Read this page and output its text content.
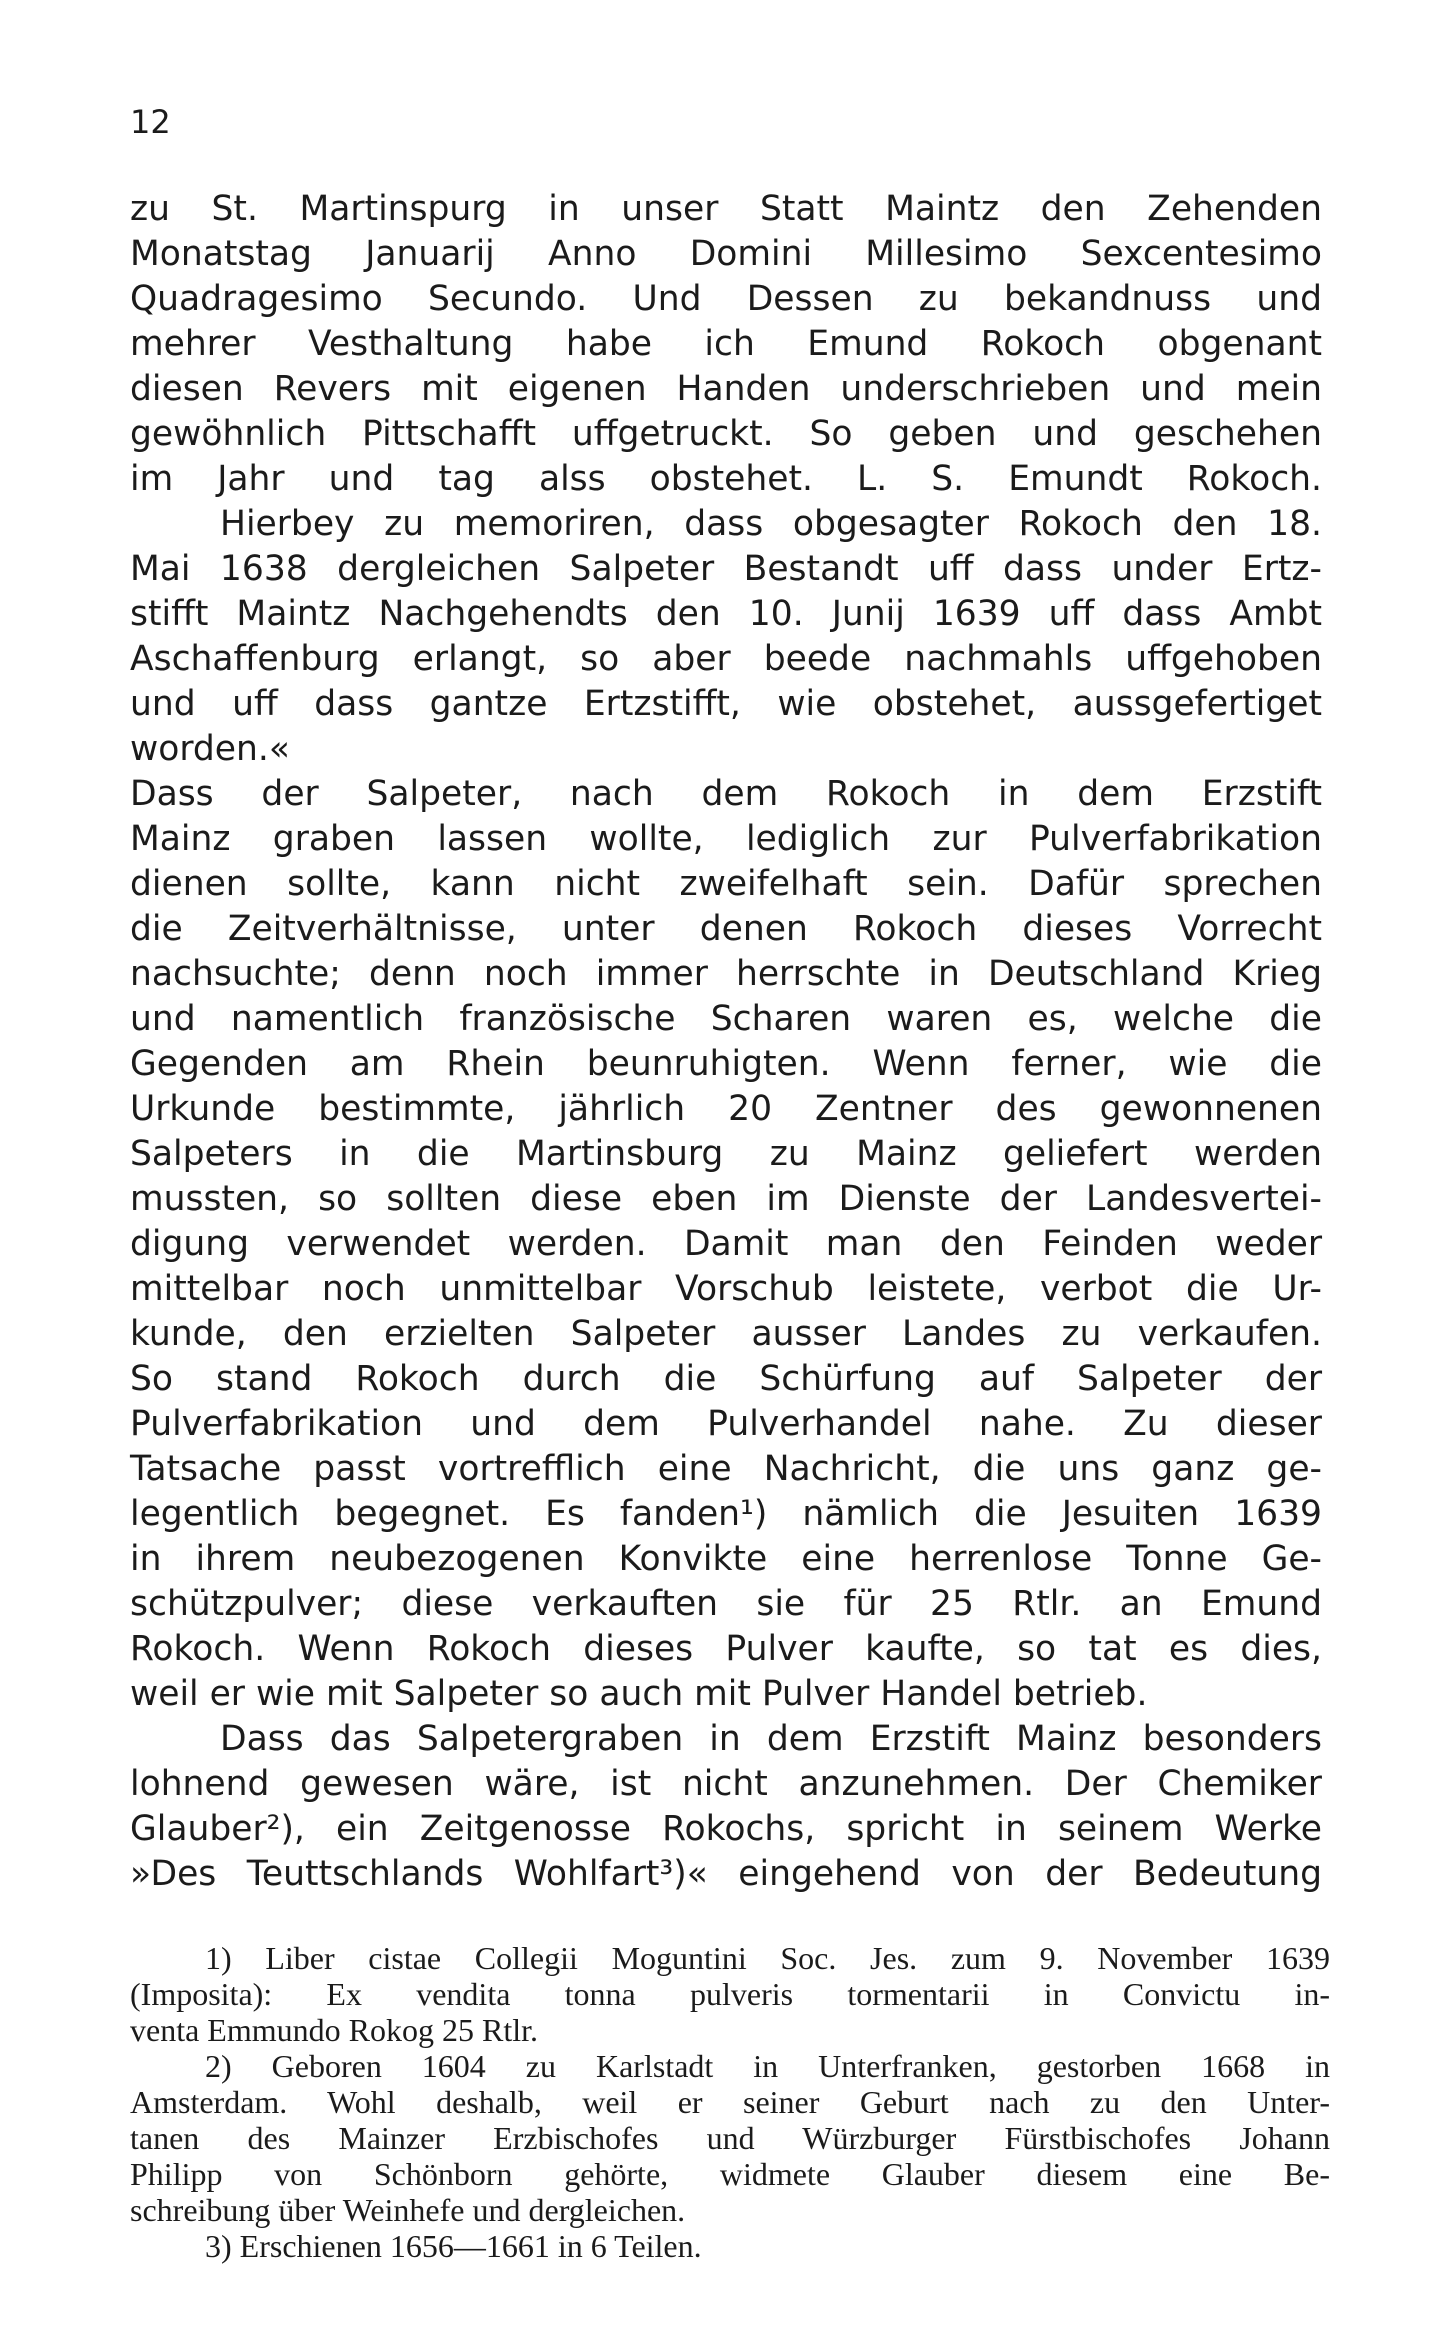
12
zu St. Martinspurg in unser Statt Maintz den Zehenden
Monatstag Januarij Anno Domini Millesimo Sexcentesimo
Quadragesimo Secundo. Und Dessen zu bekandnuss und
mehrer Vesthaltung habe ich Emund Rokoch obgenant
diesen Revers mit eigenen Handen underschrieben und mein
gewöhnlich Pittschafft uffgetruckt. So geben und geschehen
im Jahr und tag alss obstehet. L. S. Emundt Rokoch.
Hierbey zu memoriren, dass obgesagter Rokoch den 18.
Mai 1638 dergleichen Salpeter Bestandt uff dass under Ertz-
stifft Maintz Nachgehendts den 10. Junij 1639 uff dass Ambt
Aschaffenburg erlangt, so aber beede nachmahls uffgehoben
und uff dass gantze Ertzstifft, wie obstehet, aussgefertiget
worden.«
Dass der Salpeter, nach dem Rokoch in dem Erzstift
Mainz graben lassen wollte, lediglich zur Pulverfabrikation
dienen sollte, kann nicht zweifelhaft sein. Dafür sprechen
die Zeitverhältnisse, unter denen Rokoch dieses Vorrecht
nachsuchte; denn noch immer herrschte in Deutschland Krieg
und namentlich französische Scharen waren es, welche die
Gegenden am Rhein beunruhigten. Wenn ferner, wie die
Urkunde bestimmte, jährlich 20 Zentner des gewonnenen
Salpeters in die Martinsburg zu Mainz geliefert werden
mussten, so sollten diese eben im Dienste der Landesvertei-
digung verwendet werden. Damit man den Feinden weder
mittelbar noch unmittelbar Vorschub leistete, verbot die Ur-
kunde, den erzielten Salpeter ausser Landes zu verkaufen.
So stand Rokoch durch die Schürfung auf Salpeter der
Pulverfabrikation und dem Pulverhandel nahe. Zu dieser
Tatsache passt vortrefflich eine Nachricht, die uns ganz ge-
legentlich begegnet. Es fanden¹) nämlich die Jesuiten 1639
in ihrem neubezogenen Konvikte eine herrenlose Tonne Ge-
schützpulver; diese verkauften sie für 25 Rtlr. an Emund
Rokoch. Wenn Rokoch dieses Pulver kaufte, so tat es dies,
weil er wie mit Salpeter so auch mit Pulver Handel betrieb.
Dass das Salpetergraben in dem Erzstift Mainz besonders
lohnend gewesen wäre, ist nicht anzunehmen. Der Chemiker
Glauber²), ein Zeitgenosse Rokochs, spricht in seinem Werke
»Des Teuttschlands Wohlfart³)« eingehend von der Bedeutung
1) Liber cistae Collegii Moguntini Soc. Jes. zum 9. November 1639
(Imposita): Ex vendita tonna pulveris tormentarii in Convictu in-
venta Emmundo Rokog 25 Rtlr.
2) Geboren 1604 zu Karlstadt in Unterfranken, gestorben 1668 in
Amsterdam. Wohl deshalb, weil er seiner Geburt nach zu den Unter-
tanen des Mainzer Erzbischofes und Würzburger Fürstbischofes Johann
Philipp von Schönborn gehörte, widmete Glauber diesem eine Be-
schreibung über Weinhefe und dergleichen.
3) Erschienen 1656—1661 in 6 Teilen.
